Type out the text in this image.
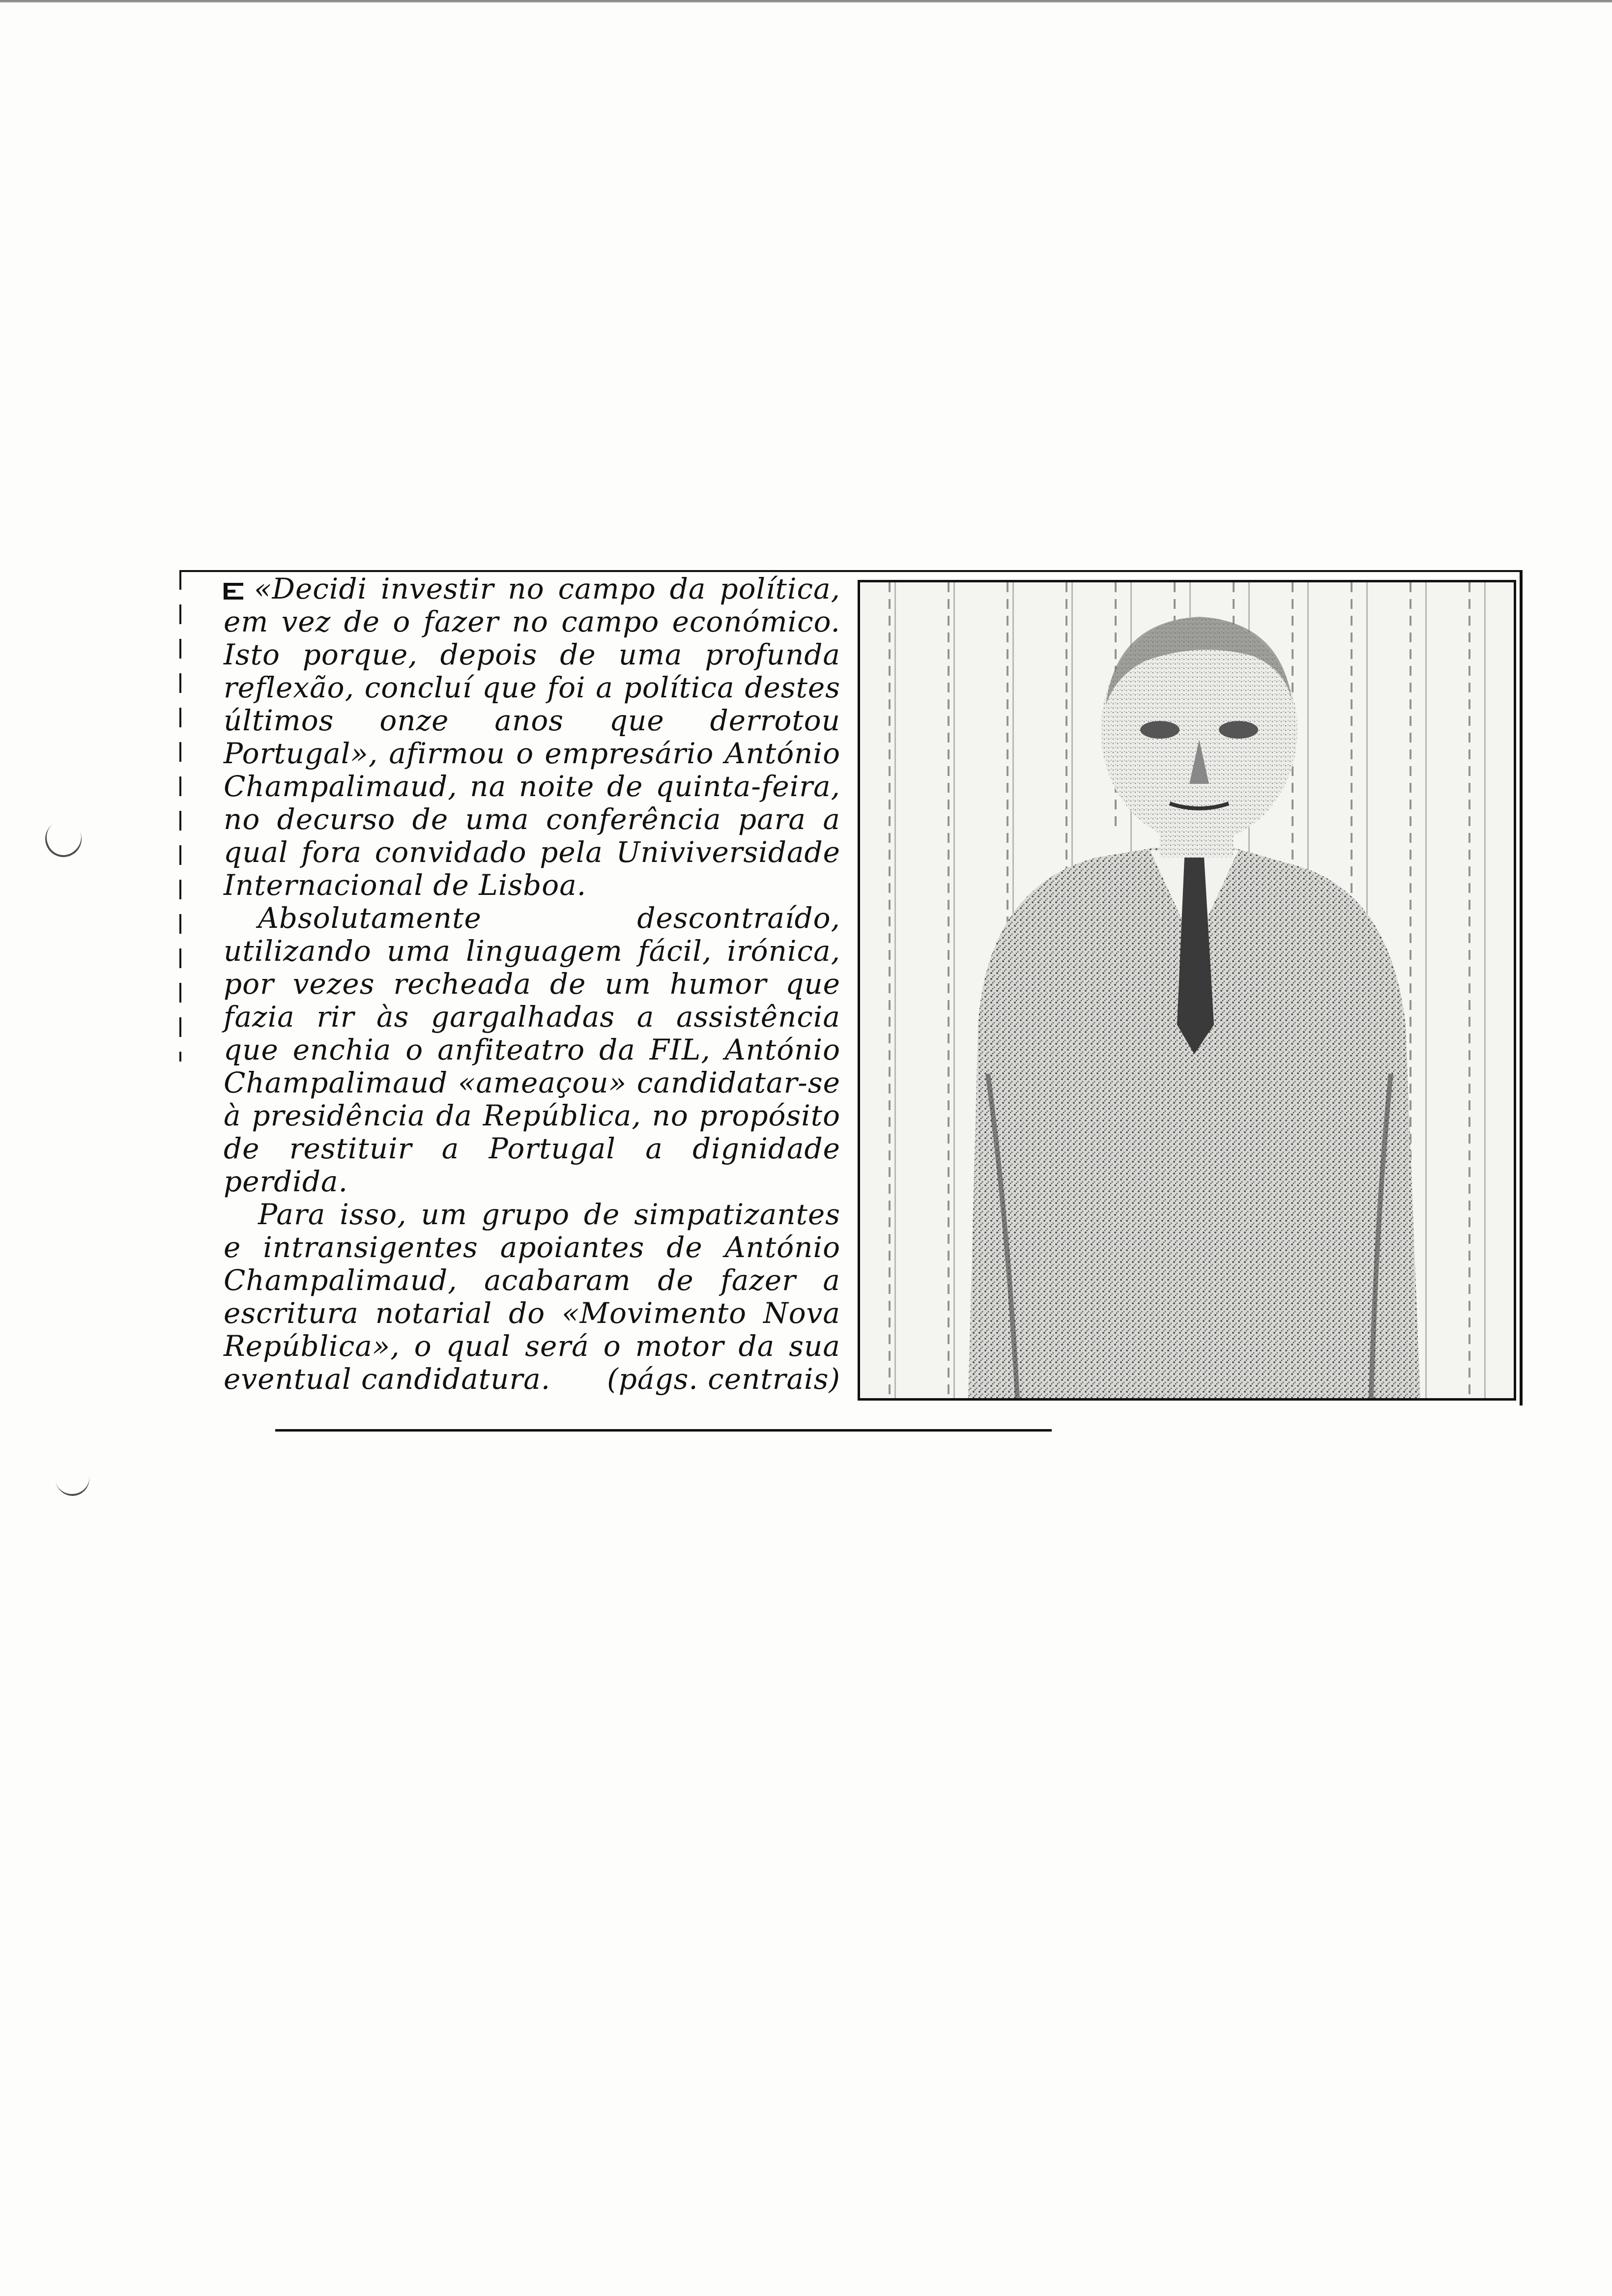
«Decidi investir no campo da política, em vez de o fazer no campo económico. Isto porque, depois de uma profunda reflexão, concluí que foi a política destes últimos onze anos que derrotou Portugal», afirmou o empresário António Champalimaud, na noite de quinta-feira, no decurso de uma conferência para a qual fora convidado pela Univiversidade Internacional de Lisboa.

Absolutamente descontraído, utilizando uma linguagem fácil, irónica, por vezes recheada de um humor que fazia rir às gargalhadas a assistência que enchia o anfiteatro da FIL, António Champalimaud «ameaçou» candidatar-se à presidência da República, no propósito de restituir a Portugal a dignidade perdida.

Para isso, um grupo de simpatizantes e intransigentes apoiantes de António Champalimaud, acabaram de fazer a escritura notarial do «Movimento Nova República», o qual será o motor da sua eventual candidatura.	(págs. centrais)
